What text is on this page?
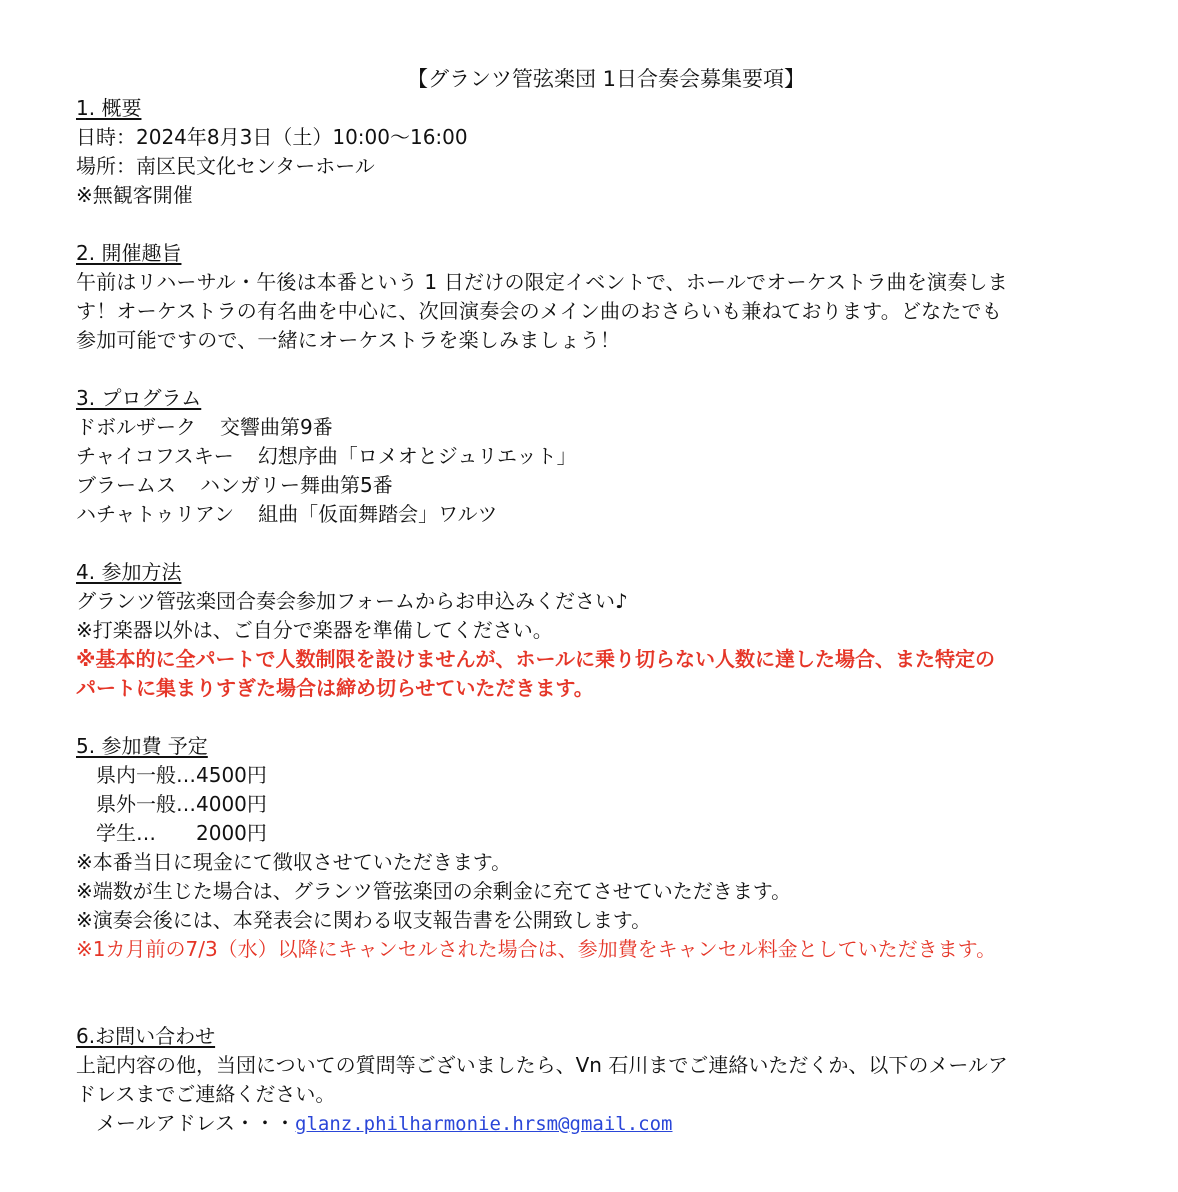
【グランツ管弦楽団 1日合奏会募集要項】
1. 概要
日時：2024年8月3日（土）10:00～16:00
場所：南区民文化センターホール
※無観客開催
2. 開催趣旨
午前はリハーサル・午後は本番という 1 日だけの限定イベントで、ホールでオーケストラ曲を演奏しま
す！オーケストラの有名曲を中心に、次回演奏会のメイン曲のおさらいも兼ねております。どなたでも
参加可能ですので、一緒にオーケストラを楽しみましょう！
3. プログラム
ドボルザーク 交響曲第9番
チャイコフスキー 幻想序曲「ロメオとジュリエット」
ブラームス ハンガリー舞曲第5番
ハチャトゥリアン 組曲「仮面舞踏会」ワルツ
4. 参加方法
グランツ管弦楽団合奏会参加フォームからお申込みください♪
※打楽器以外は、ご自分で楽器を準備してください。
※基本的に全パートで人数制限を設けませんが、ホールに乗り切らない人数に達した場合、また特定の
パートに集まりすぎた場合は締め切らせていただきます。
5. 参加費 予定
県内一般…4500円
県外一般…4000円
学生…　　2000円
※本番当日に現金にて徴収させていただきます。
※端数が生じた場合は、グランツ管弦楽団の余剰金に充てさせていただきます。
※演奏会後には、本発表会に関わる収支報告書を公開致します。
※1カ月前の7/3（水）以降にキャンセルされた場合は、参加費をキャンセル料金としていただきます。
6.お問い合わせ
上記内容の他，当団についての質問等ございましたら、Vn 石川までご連絡いただくか、以下のメールア
ドレスまでご連絡ください。
メールアドレス・・・glanz.philharmonie.hrsm@gmail.com
